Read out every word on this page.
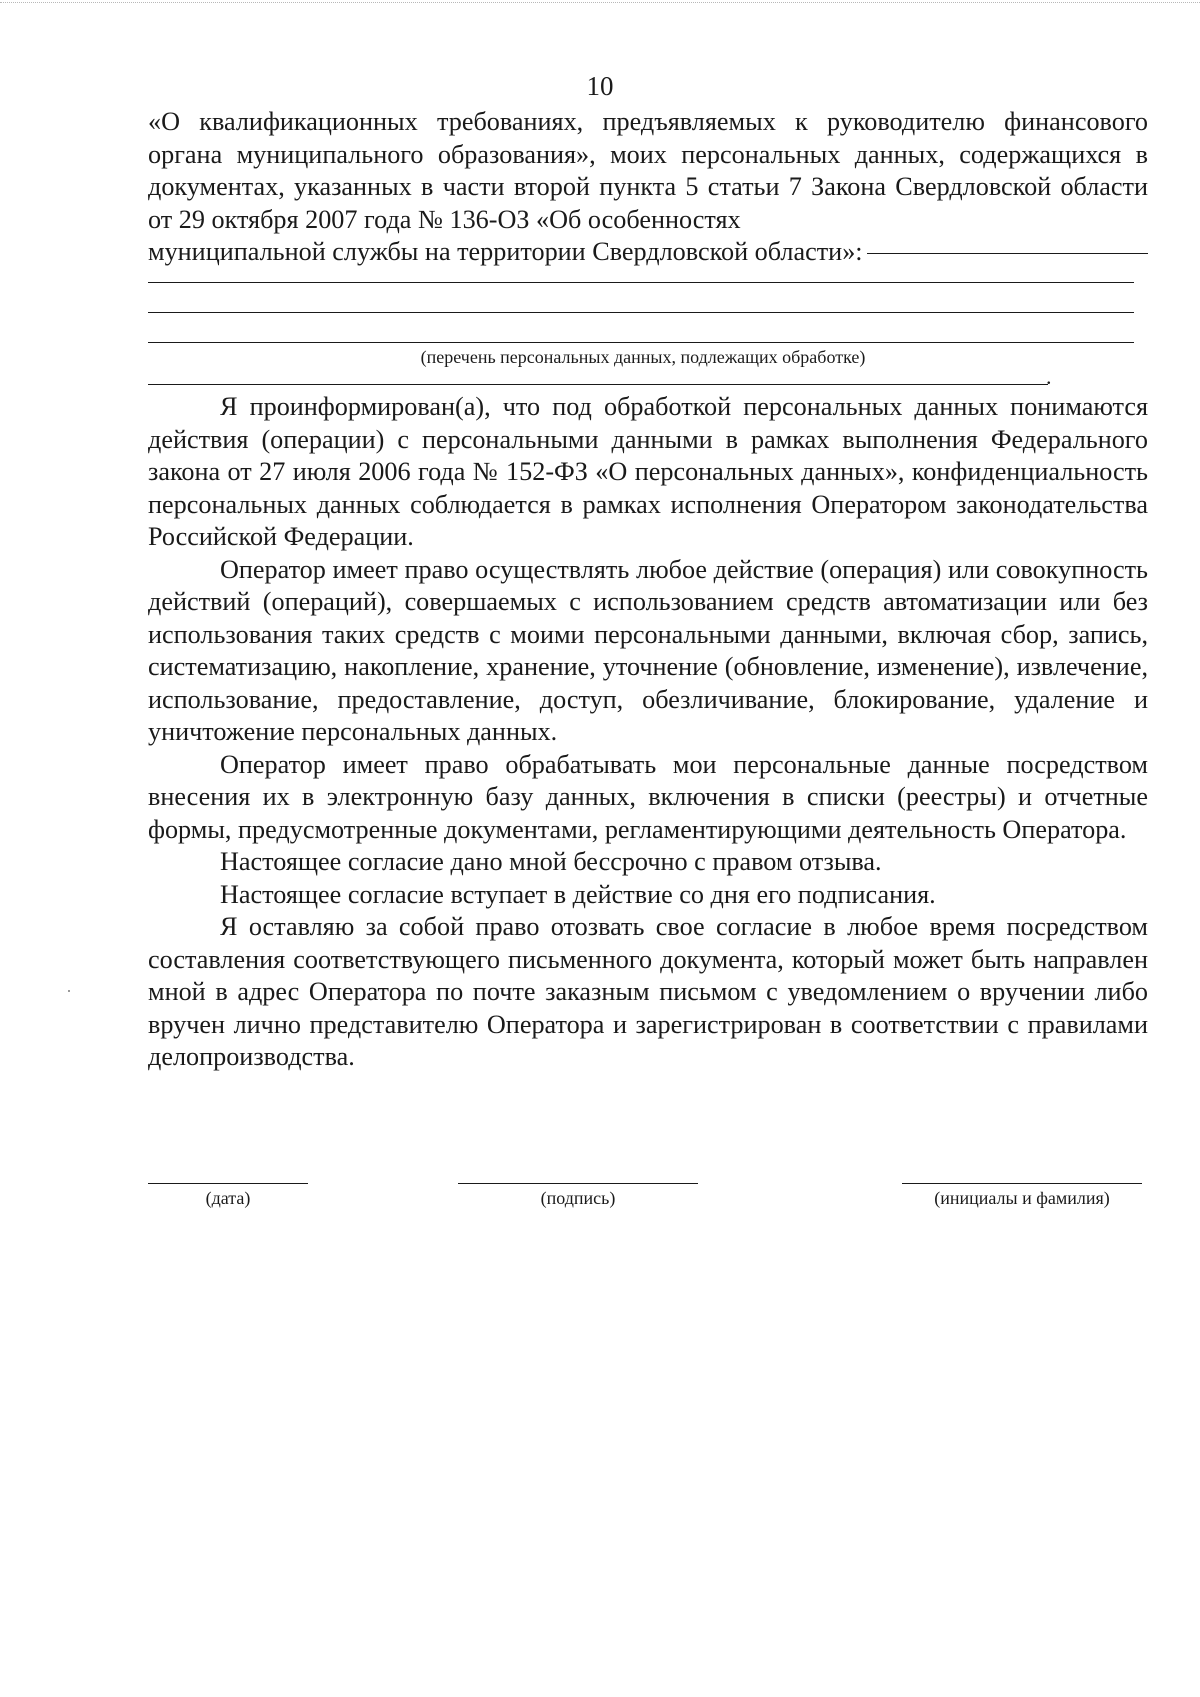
10

«О квалификационных требованиях, предъявляемых к руководителю финансового органа муниципального образования», моих персональных данных, содержащихся в документах, указанных в части второй пункта 5 статьи 7 Закона Свердловской области от 29 октября 2007 года № 136-ОЗ «Об особенностях

муниципальной службы на территории Свердловской области»:
(перечень персональных данных, подлежащих обработке)
.

Я проинформирован(а), что под обработкой персональных данных понимаются действия (операции) с персональными данными в рамках выполнения Федерального закона от 27 июля 2006 года № 152-ФЗ «О персональных данных», конфиденциальность персональных данных соблюдается в рамках исполнения Оператором законодательства Российской Федерации.

Оператор имеет право осуществлять любое действие (операция) или совокупность действий (операций), совершаемых с использованием средств автоматизации или без использования таких средств с моими персональными данными, включая сбор, запись, систематизацию, накопление, хранение, уточнение (обновление, изменение), извлечение, использование, предоставление, доступ, обезличивание, блокирование, удаление и уничтожение персональных данных.

Оператор имеет право обрабатывать мои персональные данные посредством внесения их в электронную базу данных, включения в списки (реестры) и отчетные формы, предусмотренные документами, регламентирующими деятельность Оператора.

Настоящее согласие дано мной бессрочно с правом отзыва.

Настоящее согласие вступает в действие со дня его подписания.

Я оставляю за собой право отозвать свое согласие в любое время посредством составления соответствующего письменного документа, который может быть направлен мной в адрес Оператора по почте заказным письмом с уведомлением о вручении либо вручен лично представителю Оператора и зарегистрирован в соответствии с правилами делопроизводства.

(дата)	(подпись)	(инициалы и фамилия)
